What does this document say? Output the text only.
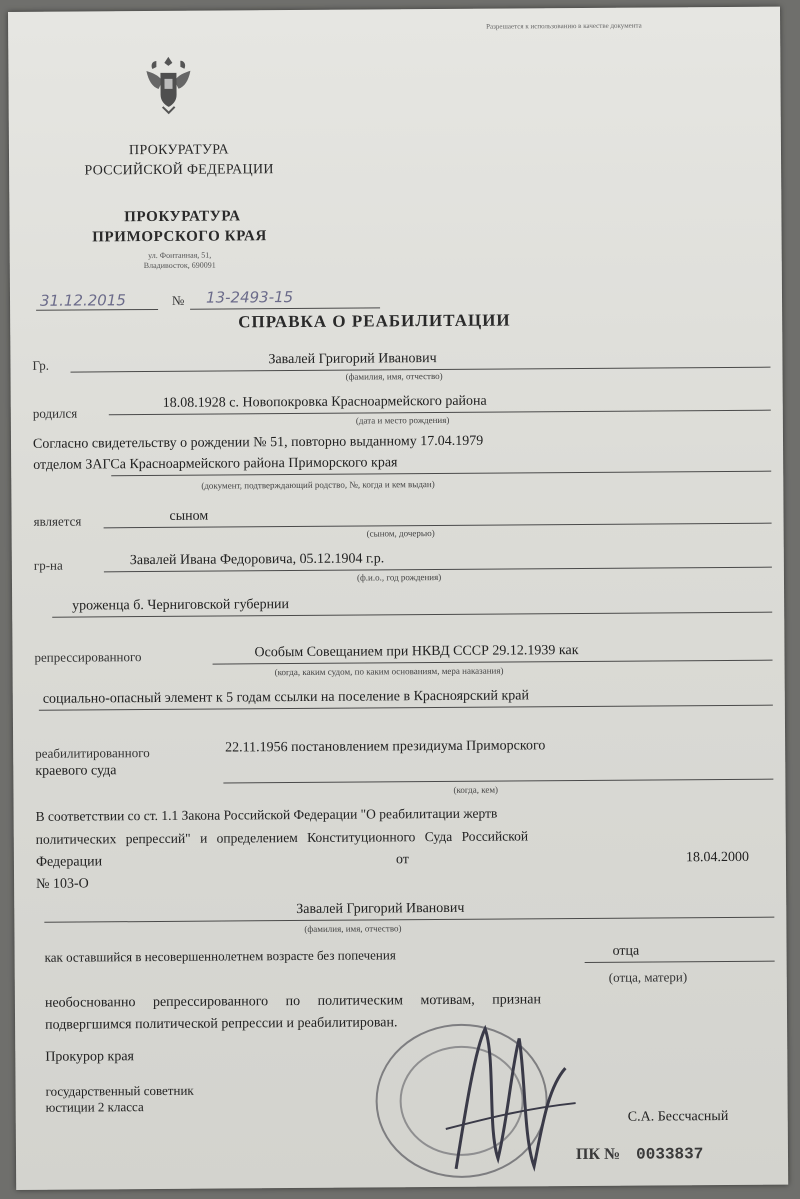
Разрешается к использованию в качестве документа
ПРОКУРАТУРА
РОССИЙСКОЙ ФЕДЕРАЦИИ
ПРОКУРАТУРА
ПРИМОРСКОГО КРАЯ
ул. Фонтанная, 51,
Владивосток, 690091
31.12.2015	№ 13-2493-15
СПРАВКА О РЕАБИЛИТАЦИИ
Гр.	Завалей Григорий Иванович
(фамилия, имя, отчество)
родился
18.08.1928 с. Новопокровка Красноармейского района
(дата и место рождения)
Согласно свидетельству о рождении № 51, повторно выданному 17.04.1979
отделом ЗАГСа Красноармейского района Приморского края
(документ, подтверждающий родство, №, когда и кем выдан)
является	сыном
(сыном, дочерью)
гр-на	Завалей Ивана Федоровича, 05.12.1904 г.р.
(ф.и.о., год рождения)
уроженца б. Черниговской губернии
репрессированного	Особым Совещанием при НКВД СССР 29.12.1939 как
(когда, каким судом, по каким основаниям, мера наказания)
социально-опасный элемент к 5 годам ссылки на поселение в Красноярский край
реабилитированного	22.11.1956 постановлением президиума Приморского
краевого суда
(когда, кем)
В соответствии со ст. 1.1 Закона Российской Федерации "О реабилитации жертв
политических репрессий" и определением Конституционного Суда Российской
Федерации	от	18.04.2000
№ 103-О
Завалей Григорий Иванович
(фамилия, имя, отчество)
как оставшийся в несовершеннолетнем возрасте без попечения	отца
(отца, матери)
необоснованно репрессированного по политическим мотивам, признан
подвергшимся политической репрессии и реабилитирован.
Прокурор края
государственный советник
юстиции 2 класса
С.А. Бессчасный
ПК № 0033837
